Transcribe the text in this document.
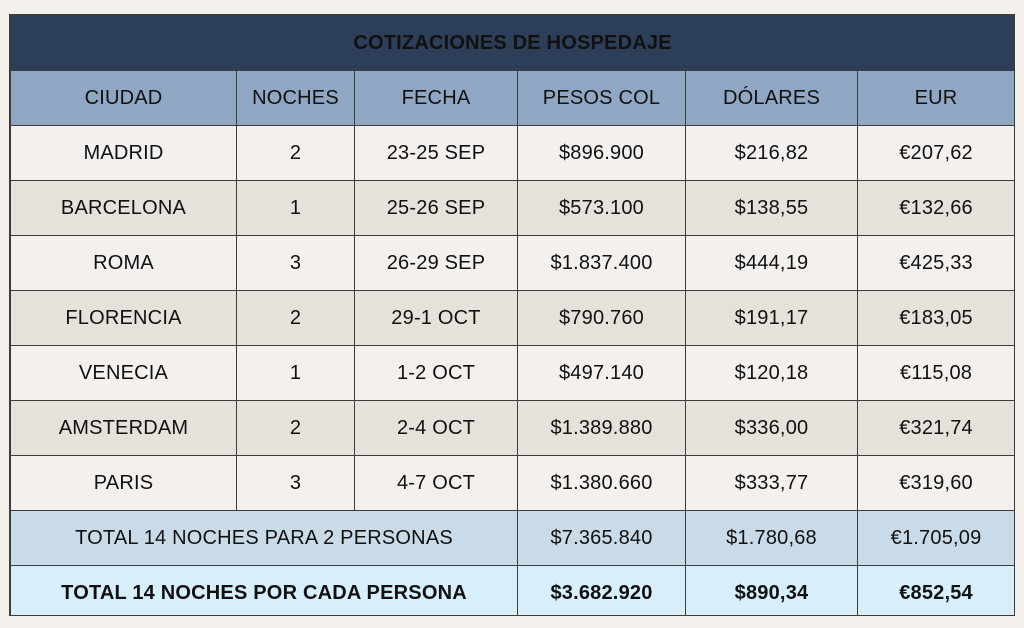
COTIZACIONES DE HOSPEDAJE					
CIUDAD	NOCHES	FECHA	PESOS COL	DÓLARES	EUR
MADRID	2	23-25 SEP	$896.900	$216,82	€207,62
BARCELONA	1	25-26 SEP	$573.100	$138,55	€132,66
ROMA	3	26-29 SEP	$1.837.400	$444,19	€425,33
FLORENCIA	2	29-1 OCT	$790.760	$191,17	€183,05
VENECIA	1	1-2 OCT	$497.140	$120,18	€115,08
AMSTERDAM	2	2-4 OCT	$1.389.880	$336,00	€321,74
PARIS	3	4-7 OCT	$1.380.660	$333,77	€319,60
TOTAL 14 NOCHES PARA 2 PERSONAS			$7.365.840	$1.780,68	€1.705,09
TOTAL 14 NOCHES POR CADA PERSONA			$3.682.920	$890,34	€852,54
